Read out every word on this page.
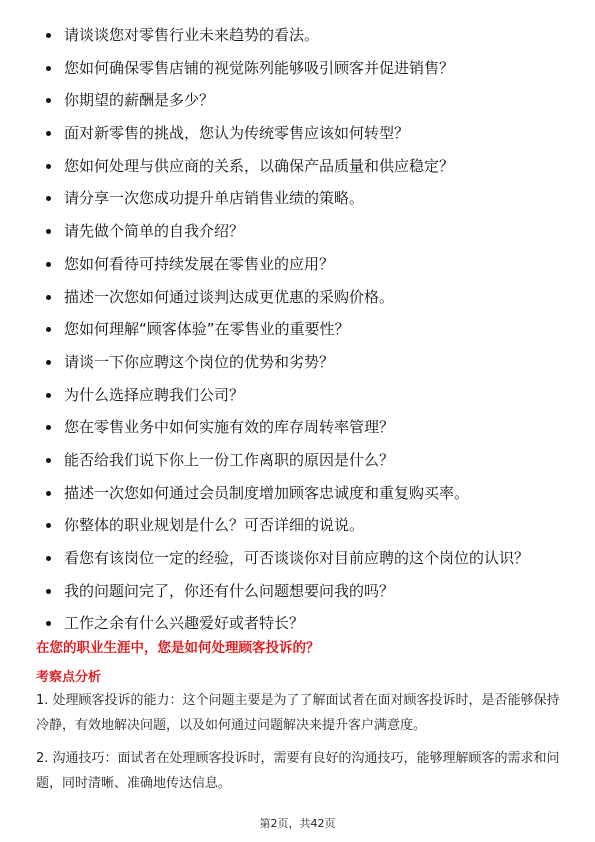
请谈谈您对零售行业未来趋势的看法。
您如何确保零售店铺的视觉陈列能够吸引顾客并促进销售？
你期望的薪酬是多少？
面对新零售的挑战，您认为传统零售应该如何转型？
您如何处理与供应商的关系，以确保产品质量和供应稳定？
请分享一次您成功提升单店销售业绩的策略。
请先做个简单的自我介绍？
您如何看待可持续发展在零售业的应用？
描述一次您如何通过谈判达成更优惠的采购价格。
您如何理解“顾客体验”在零售业的重要性？
请谈一下你应聘这个岗位的优势和劣势？
为什么选择应聘我们公司？
您在零售业务中如何实施有效的库存周转率管理？
能否给我们说下你上一份工作离职的原因是什么？
描述一次您如何通过会员制度增加顾客忠诚度和重复购买率。
你整体的职业规划是什么？可否详细的说说。
看您有该岗位一定的经验，可否谈谈你对目前应聘的这个岗位的认识？
我的问题问完了，你还有什么问题想要问我的吗？
工作之余有什么兴趣爱好或者特长？
在您的职业生涯中，您是如何处理顾客投诉的？
考察点分析
1. 处理顾客投诉的能力：这个问题主要是为了了解面试者在面对顾客投诉时，是否能够保持冷静，有效地解决问题，以及如何通过问题解决来提升客户满意度。
2. 沟通技巧：面试者在处理顾客投诉时，需要有良好的沟通技巧，能够理解顾客的需求和问题，同时清晰、准确地传达信息。
第2页，共42页
